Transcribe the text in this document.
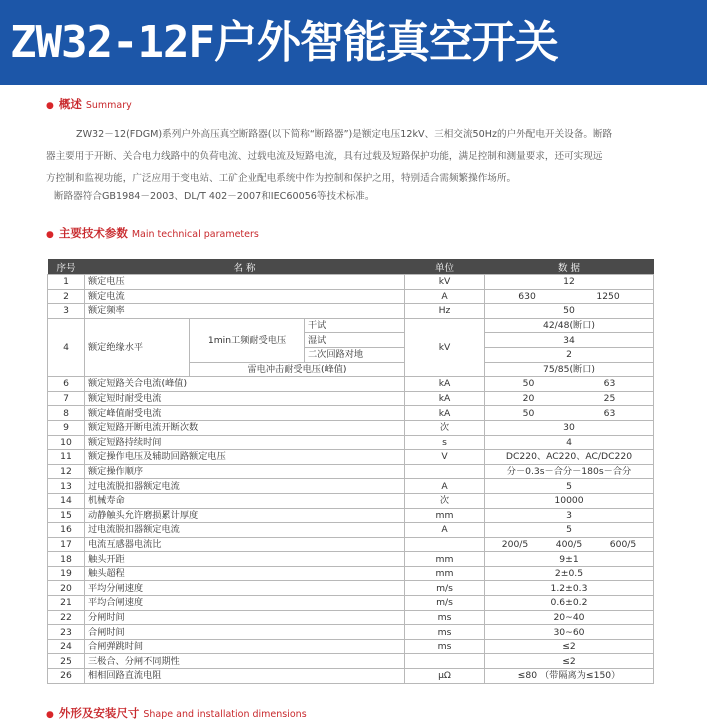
ZW32-12F户外智能真空开关
● 概述 Summary
ZW32－12(FDGM)系列户外高压真空断路器(以下简称“断路器”)是额定电压12kV、三相交流50Hz的户外配电开关设备。断路
器主要用于开断、关合电力线路中的负荷电流、过载电流及短路电流，具有过载及短路保护功能，满足控制和测量要求，还可实现远
方控制和监视功能，广泛应用于变电站、工矿企业配电系统中作为控制和保护之用，特别适合需频繁操作场所。
断路器符合GB1984－2003、DL/T 402－2007和IEC60056等技术标准。
● 主要技术参数 Main technical parameters
序号	名 称			单位	数 据
1	额定电压			kV	12
2	额定电流			A	630 1250

3	额定频率			Hz	50
4	额定绝缘水平	1min工频耐受电压	干试	kV	42/48(断口)
			湿试		34
			二次回路对地		2
		雷电冲击耐受电压(峰值)			75/85(断口)
6	额定短路关合电流(峰值)			kA	50 63

7	额定短时耐受电流			kA	20 25

8	额定峰值耐受电流			kA	50 63

9	额定短路开断电流开断次数			次	30
10	额定短路持续时间			s	4
11	额定操作电压及辅助回路额定电压			V	DC220、AC220、AC/DC220
12	额定操作顺序				分－0.3s－合分－180s－合分
13	过电流脱扣器额定电流			A	5
14	机械寿命			次	10000
15	动静触头允许磨损累计厚度			mm	3
16	过电流脱扣器额定电流			A	5
17	电流互感器电流比				200/5 400/5 600/5

18	触头开距			mm	9±1
19	触头超程			mm	2±0.5
20	平均分闸速度			m/s	1.2±0.3
21	平均合闸速度			m/s	0.6±0.2
22	分闸时间			ms	20~40
23	合闸时间			ms	30~60
24	合闸弹跳时间			ms	≤2
25	三极合、分闸不同期性				≤2
26	相相回路直流电阻			μΩ	≤80 （带隔离为≤150）
● 外形及安装尺寸 Shape and installation dimensions
